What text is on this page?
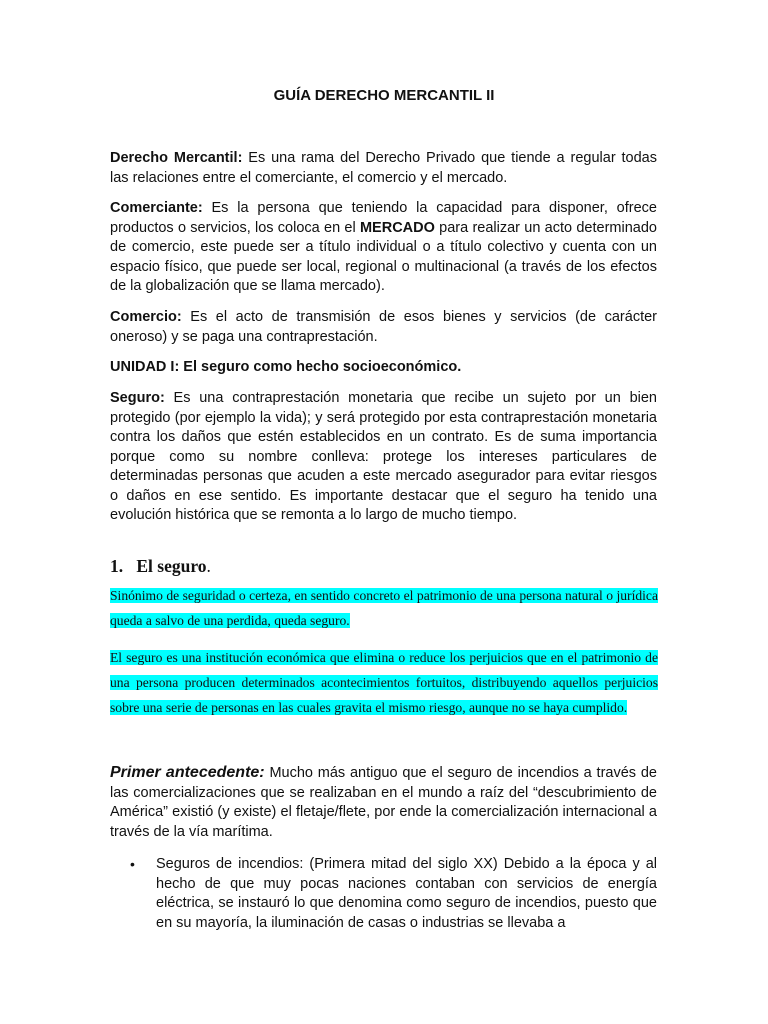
GUÍA DERECHO MERCANTIL II

Derecho Mercantil: Es una rama del Derecho Privado que tiende a regular todas las relaciones entre el comerciante, el comercio y el mercado.

Comerciante: Es la persona que teniendo la capacidad para disponer, ofrece productos o servicios, los coloca en el MERCADO para realizar un acto determinado de comercio, este puede ser a título individual o a título colectivo y cuenta con un espacio físico, que puede ser local, regional o multinacional (a través de los efectos de la globalización que se llama mercado).

Comercio: Es el acto de transmisión de esos bienes y servicios (de carácter oneroso) y se paga una contraprestación.

UNIDAD I: El seguro como hecho socioeconómico.

Seguro: Es una contraprestación monetaria que recibe un sujeto por un bien protegido (por ejemplo la vida); y será protegido por esta contraprestación monetaria contra los daños que estén establecidos en un contrato. Es de suma importancia porque como su nombre conlleva: protege los intereses particulares de determinadas personas que acuden a este mercado asegurador para evitar riesgos o daños en ese sentido. Es importante destacar que el seguro ha tenido una evolución histórica que se remonta a lo largo de mucho tiempo.

1. El seguro.

Sinónimo de seguridad o certeza, en sentido concreto el patrimonio de una persona natural o jurídica queda a salvo de una perdida, queda seguro.

El seguro es una institución económica que elimina o reduce los perjuicios que en el patrimonio de una persona producen determinados acontecimientos fortuitos, distribuyendo aquellos perjuicios sobre una serie de personas en las cuales gravita el mismo riesgo, aunque no se haya cumplido.

Primer antecedente: Mucho más antiguo que el seguro de incendios a través de las comercializaciones que se realizaban en el mundo a raíz del “descubrimiento de América” existió (y existe) el fletaje/flete, por ende la comercialización internacional a través de la vía marítima.

• Seguros de incendios: (Primera mitad del siglo XX) Debido a la época y al hecho de que muy pocas naciones contaban con servicios de energía eléctrica, se instauró lo que denomina como seguro de incendios, puesto que en su mayoría, la iluminación de casas o industrias se llevaba a
